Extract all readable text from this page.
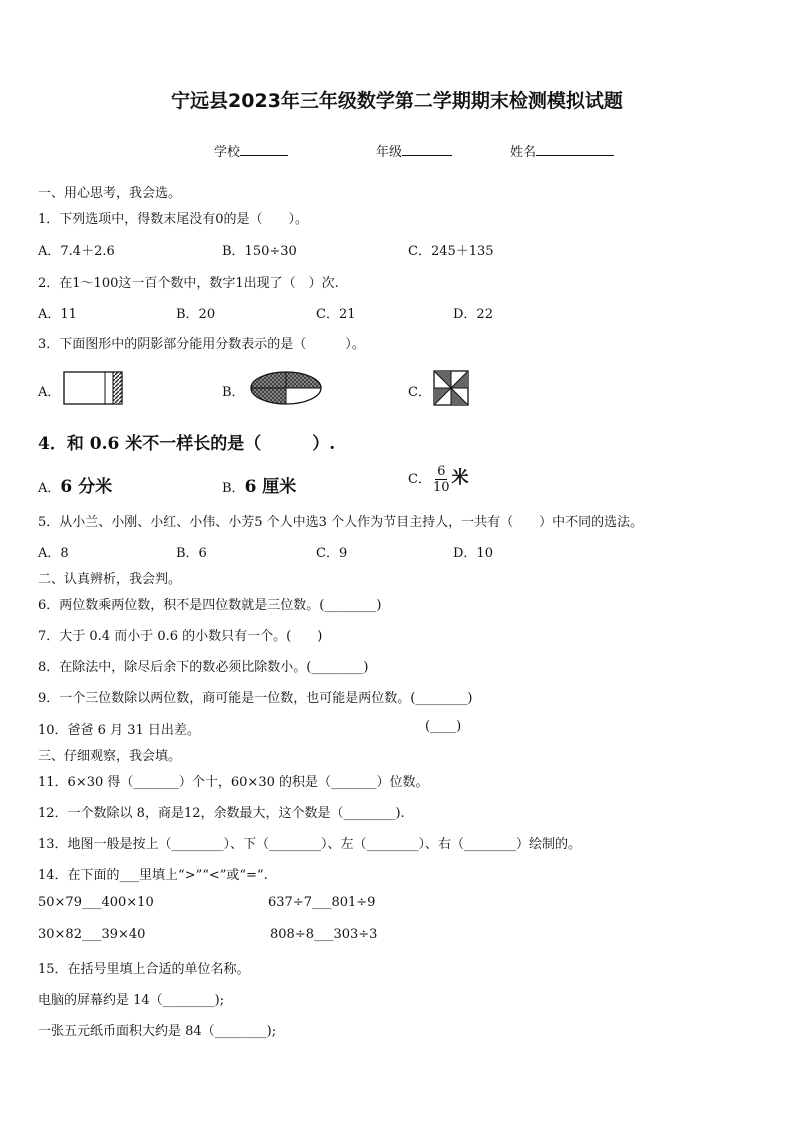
宁远县2023年三年级数学第二学期期末检测模拟试题
学校	年级	姓名
一、用心思考，我会选。
1．下列选项中，得数末尾没有0的是（　　）。
A．7.4＋2.6	B．150÷30	C．245＋135
2．在1～100这一百个数中，数字1出现了（　）次.
A．11	B．20	C．21	D．22
3．下面图形中的阴影部分能用分数表示的是（　　　）。
A．	B．	C．
4．和 0.6 米不一样长的是（　　　）.
A．6 分米	B．6 厘米	C． $\frac{6}{10}$ 米
5．从小兰、小刚、小红、小伟、小芳5 个人中选3 个人作为节目主持人，一共有（　　）中不同的选法。
A．8	B．6	C．9	D．10
二、认真辨析，我会判。
6．两位数乘两位数，积不是四位数就是三位数。(________)
7．大于 0.4 而小于 0.6 的小数只有一个。(　　)
8．在除法中，除尽后余下的数必须比除数小。(________)
9．一个三位数除以两位数，商可能是一位数，也可能是两位数。(________)
10．爸爸 6 月 31 日出差。	(____)
三、仔细观察，我会填。
11．6×30 得（_______）个十，60×30 的积是（_______）位数。
12．一个数除以 8，商是12，余数最大，这个数是（________).
13．地图一般是按上（________）、下（________）、左（________）、右（________）绘制的。
14．在下面的___里填上“>”“<”或“=”.
50×79___400×10	637÷7___801÷9
30×82___39×40	808÷8___303÷3
15．在括号里填上合适的单位名称。
电脑的屏幕约是 14（________);
一张五元纸币面积大约是 84（________);
